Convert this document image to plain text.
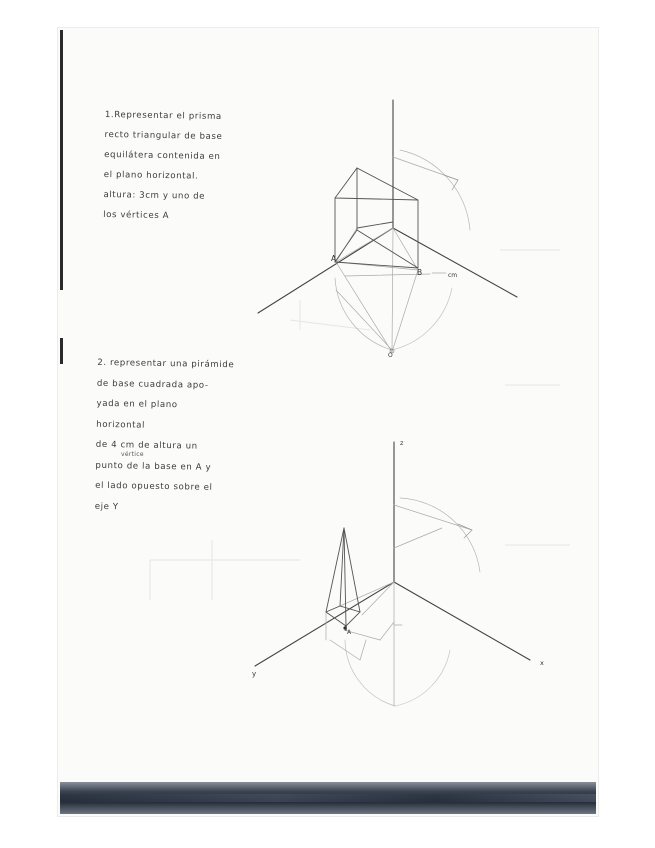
1.Representar el prisma
recto triangular de base
equilátera contenida en
el plano horizontal.
altura: 3cm y uno de
los vértices A
2. representar una pirámide
de base cuadrada apo-
yada en el plano
horizontal
de 4 cm de altura un
punto de la base en A y
el lado opuesto sobre el
eje Y
vértice
A
B	cm
O
z
y
x
A
